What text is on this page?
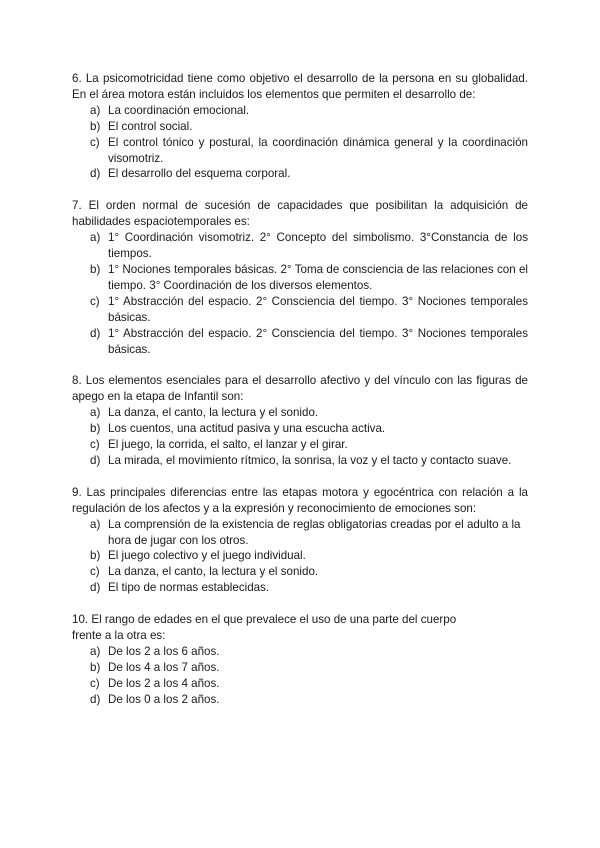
6. La psicomotricidad tiene como objetivo el desarrollo de la persona en su globalidad. En el área motora están incluidos los elementos que permiten el desarrollo de:

a) La coordinación emocional.
b) El control social.
c) El control tónico y postural, la coordinación dinámica general y la coordinación visomotriz.
d) El desarrollo del esquema corporal.

7. El orden normal de sucesión de capacidades que posibilitan la adquisición de habilidades espaciotemporales es:

a) 1° Coordinación visomotriz. 2° Concepto del simbolismo. 3°Constancia de los tiempos.
b) 1° Nociones temporales básicas. 2° Toma de consciencia de las relaciones con el tiempo. 3° Coordinación de los diversos elementos.
c) 1° Abstracción del espacio. 2° Consciencia del tiempo. 3° Nociones temporales básicas.
d) 1° Abstracción del espacio. 2° Consciencia del tiempo. 3° Nociones temporales básicas.

8. Los elementos esenciales para el desarrollo afectivo y del vínculo con las figuras de apego en la etapa de Infantil son:

a) La danza, el canto, la lectura y el sonido.
b) Los cuentos, una actitud pasiva y una escucha activa.
c) El juego, la corrida, el salto, el lanzar y el girar.
d) La mirada, el movimiento rítmico, la sonrisa, la voz y el tacto y contacto suave.

9. Las principales diferencias entre las etapas motora y egocéntrica con relación a la regulación de los afectos y a la expresión y reconocimiento de emociones son:

a) La comprensión de la existencia de reglas obligatorias creadas por el adulto a la hora de jugar con los otros.
b) El juego colectivo y el juego individual.
c) La danza, el canto, la lectura y el sonido.
d) El tipo de normas establecidas.

10. El rango de edades en el que prevalece el uso de una parte del cuerpo
frente a la otra es:

a) De los 2 a los 6 años.
b) De los 4 a los 7 años.
c) De los 2 a los 4 años.
d) De los 0 a los 2 años.
